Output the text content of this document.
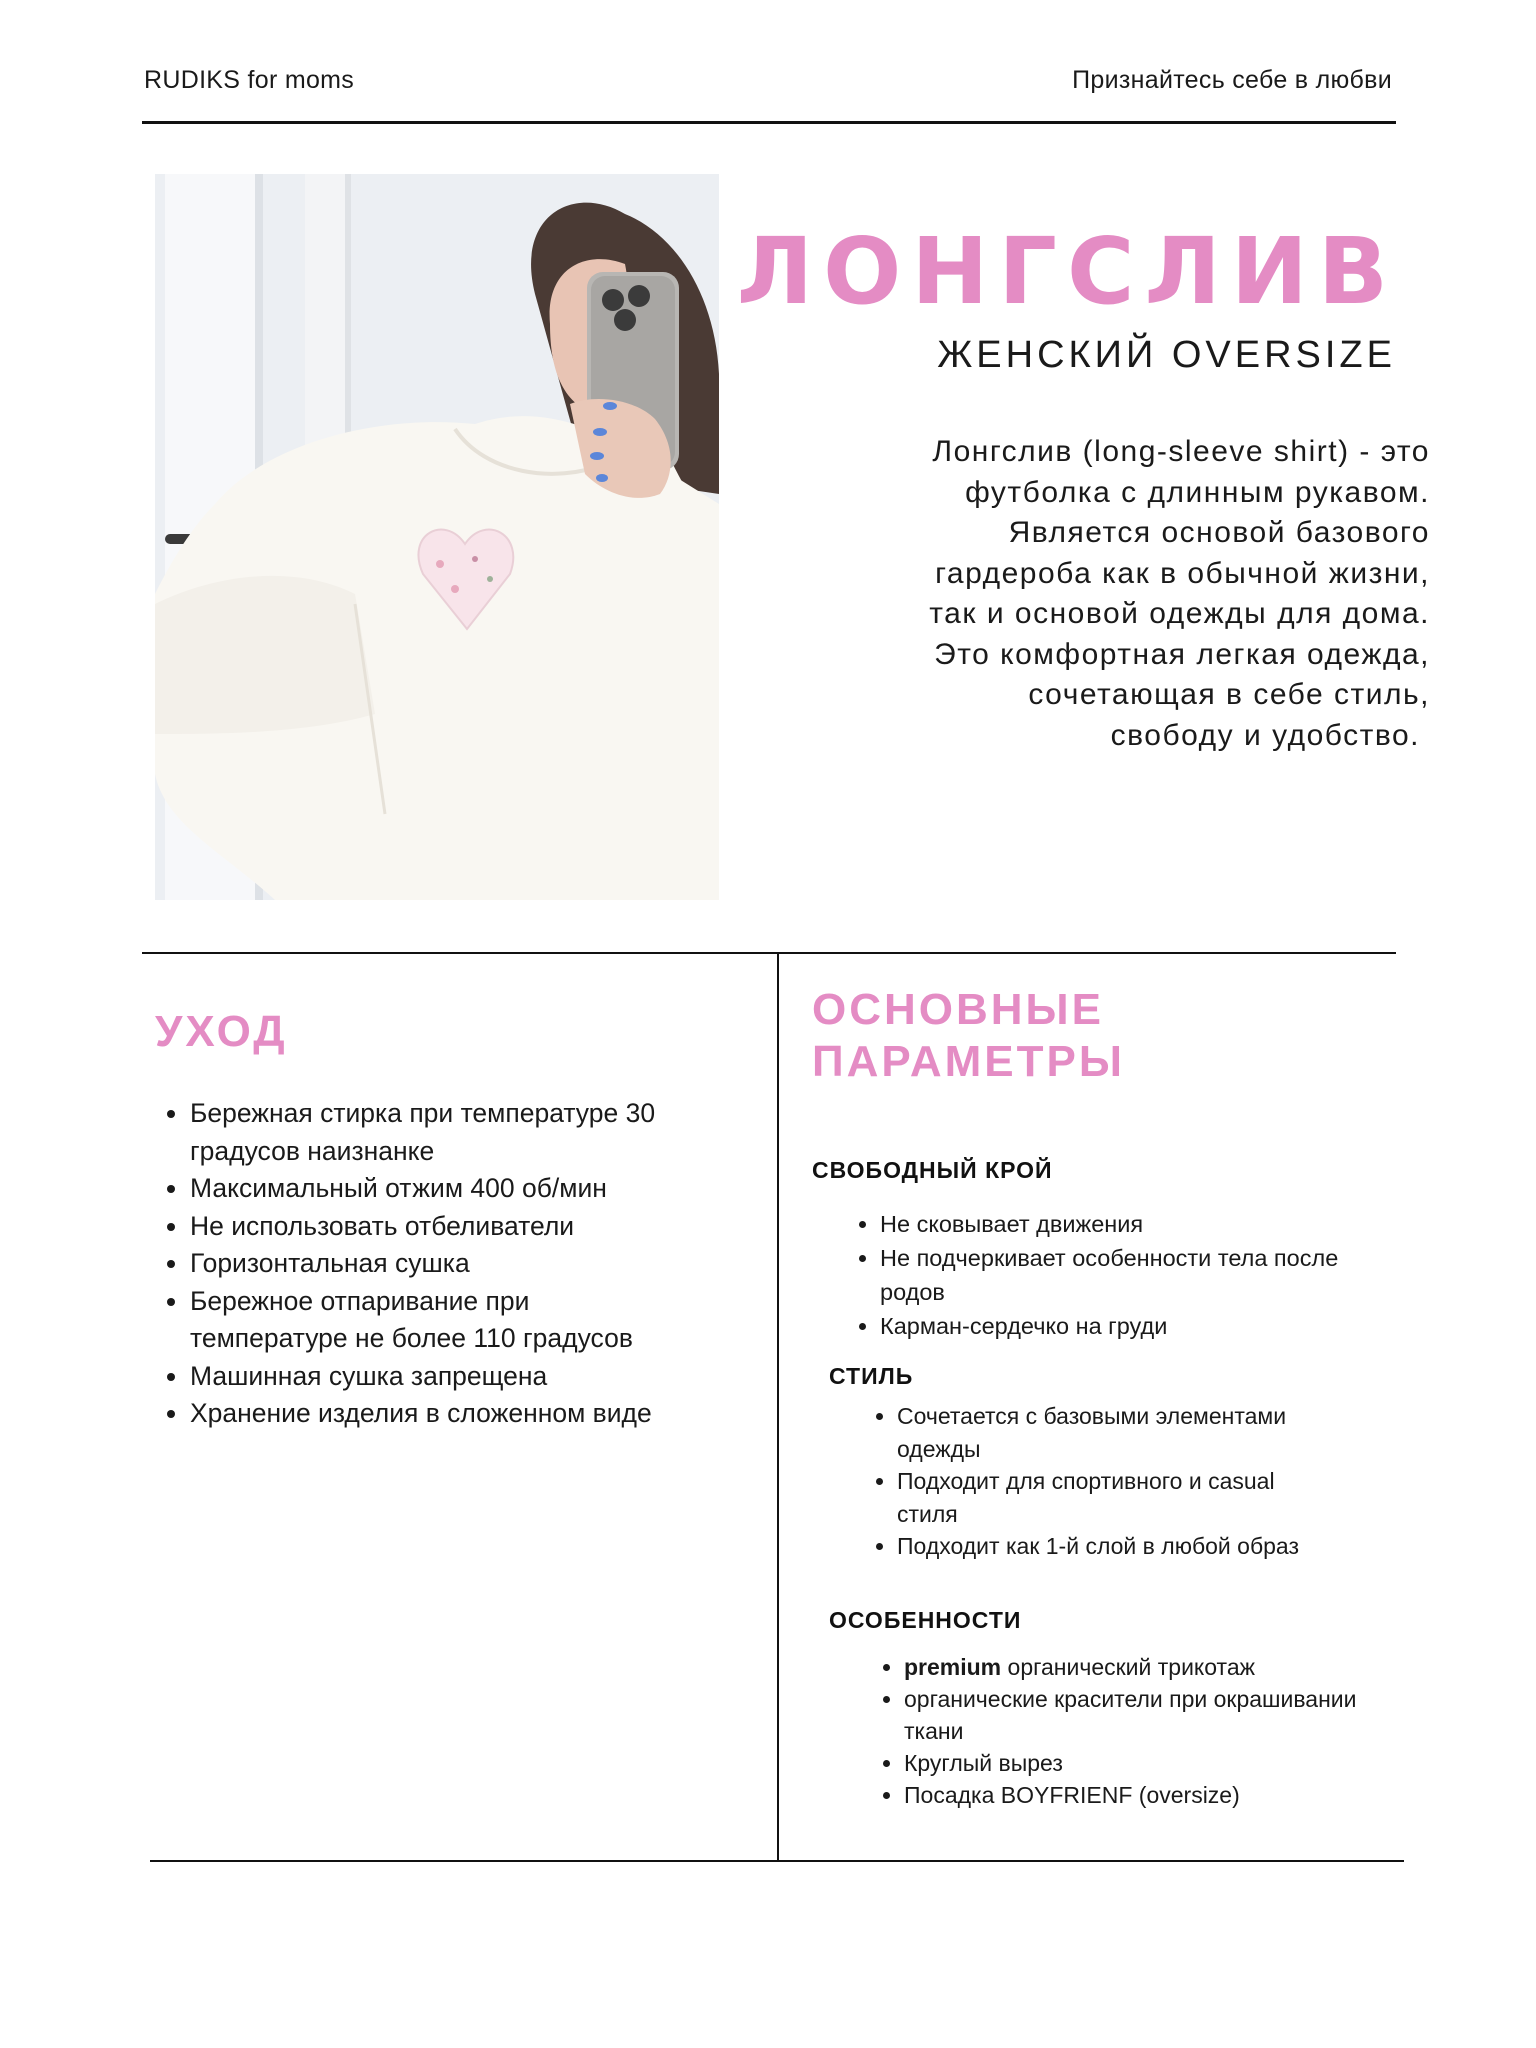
RUDIKS for moms	Признайтесь себе в любви
ЛОНГСЛИВ
ЖЕНСКИЙ OVERSIZE
Лонгслив (long-sleeve shirt) - это
футболка с длинным рукавом.
Является основой базового
гардероба как в обычной жизни,
так и основой одежды для дома.
Это комфортная легкая одежда,
сочетающая в себе стиль,
свободу и удобство.
УХОД
• Бережная стирка при температуре 30 градусов наизнанке
• Максимальный отжим 400 об/мин
• Не использовать отбеливатели
• Горизонтальная сушка
• Бережное отпаривание при температуре не более 110 градусов
• Машинная сушка запрещена
• Хранение изделия в сложенном виде
ОСНОВНЫЕ
ПАРАМЕТРЫ
СВОБОДНЫЙ КРОЙ
• Не сковывает движения
• Не подчеркивает особенности тела после родов
• Карман-сердечко на груди
СТИЛЬ
• Сочетается с базовыми элементами одежды
• Подходит для спортивного и casual стиля
• Подходит как 1-й слой в любой образ
ОСОБЕННОСТИ
• premium органический трикотаж
• органические красители при окрашивании ткани
• Круглый вырез
• Посадка BOYFRIENF (oversize)
